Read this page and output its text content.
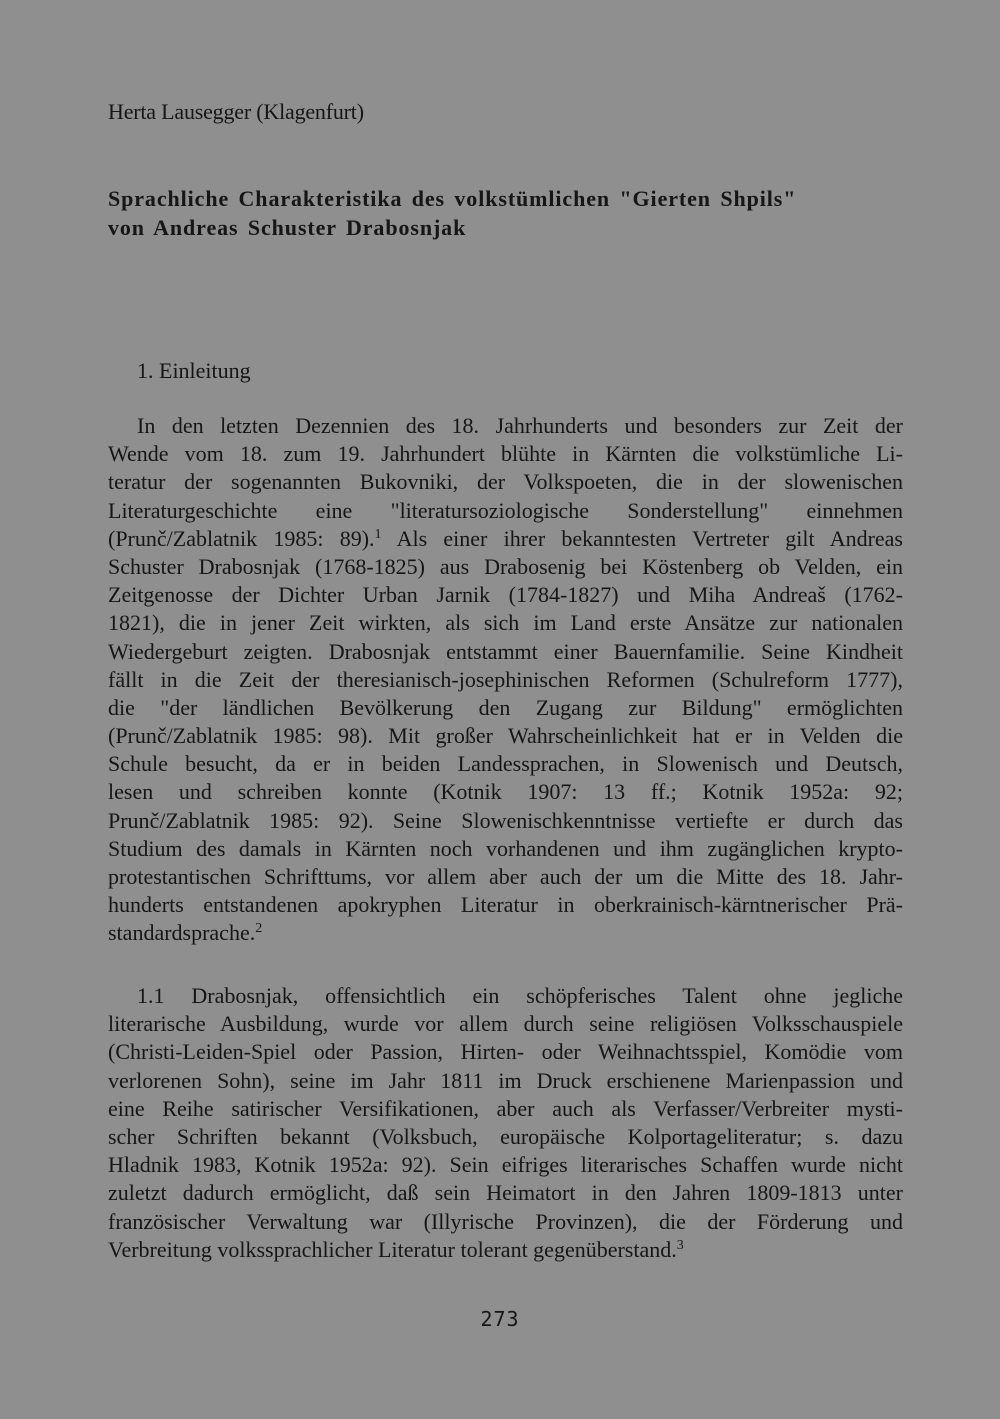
Herta Lausegger (Klagenfurt)
Sprachliche Charakteristika des volkstümlichen "Gierten Shpils"
von Andreas Schuster Drabosnjak
1. Einleitung
In den letzten Dezennien des 18. Jahrhunderts und besonders zur Zeit der
Wende vom 18. zum 19. Jahrhundert blühte in Kärnten die volkstümliche Li-
teratur der sogenannten Bukovniki, der Volkspoeten, die in der slowenischen
Literaturgeschichte eine "literatursoziologische Sonderstellung" einnehmen
(Prunč/Zablatnik 1985: 89).$^1$ Als einer ihrer bekanntesten Vertreter gilt Andreas
Schuster Drabosnjak (1768-1825) aus Drabosenig bei Köstenberg ob Velden, ein
Zeitgenosse der Dichter Urban Jarnik (1784-1827) und Miha Andreaš (1762-
1821), die in jener Zeit wirkten, als sich im Land erste Ansätze zur nationalen
Wiedergeburt zeigten. Drabosnjak entstammt einer Bauernfamilie. Seine Kindheit
fällt in die Zeit der theresianisch-josephinischen Reformen (Schulreform 1777),
die "der ländlichen Bevölkerung den Zugang zur Bildung" ermöglichten
(Prunč/Zablatnik 1985: 98). Mit großer Wahrscheinlichkeit hat er in Velden die
Schule besucht, da er in beiden Landessprachen, in Slowenisch und Deutsch,
lesen und schreiben konnte (Kotnik 1907: 13 ff.; Kotnik 1952a: 92;
Prunč/Zablatnik 1985: 92). Seine Slowenischkenntnisse vertiefte er durch das
Studium des damals in Kärnten noch vorhandenen und ihm zugänglichen krypto-
protestantischen Schrifttums, vor allem aber auch der um die Mitte des 18. Jahr-
hunderts entstandenen apokryphen Literatur in oberkrainisch-kärntnerischer Prä-
standardsprache.$^2$
1.1 Drabosnjak, offensichtlich ein schöpferisches Talent ohne jegliche
literarische Ausbildung, wurde vor allem durch seine religiösen Volksschauspiele
(Christi-Leiden-Spiel oder Passion, Hirten- oder Weihnachtsspiel, Komödie vom
verlorenen Sohn), seine im Jahr 1811 im Druck erschienene Marienpassion und
eine Reihe satirischer Versifikationen, aber auch als Verfasser/Verbreiter mysti-
scher Schriften bekannt (Volksbuch, europäische Kolportageliteratur; s. dazu
Hladnik 1983, Kotnik 1952a: 92). Sein eifriges literarisches Schaffen wurde nicht
zuletzt dadurch ermöglicht, daß sein Heimatort in den Jahren 1809-1813 unter
französischer Verwaltung war (Illyrische Provinzen), die der Förderung und
Verbreitung volkssprachlicher Literatur tolerant gegenüberstand.$^3$
273
